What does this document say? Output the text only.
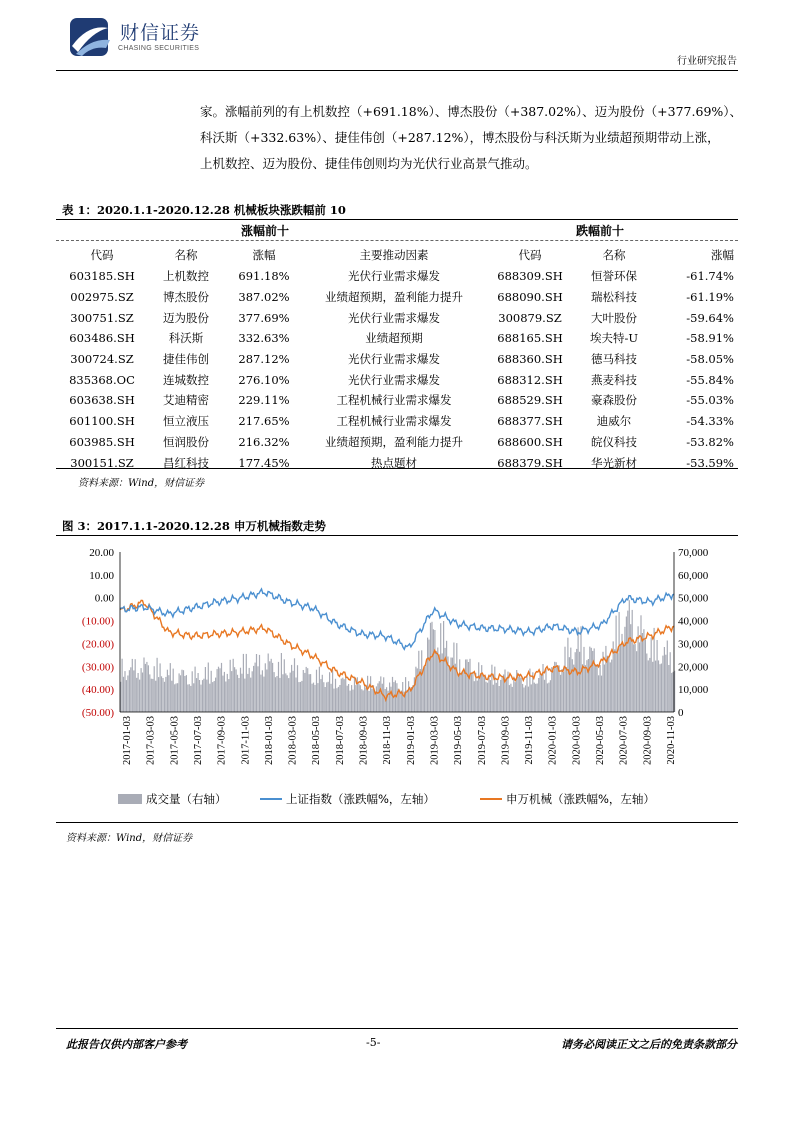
财信证券
CHASING SECURITIES
行业研究报告

家。涨幅前列的有上机数控（+691.18%）、博杰股份（+387.02%）、迈为股份（+377.69%）、

科沃斯（+332.63%）、捷佳伟创（+287.12%），博杰股份与科沃斯为业绩超预期带动上涨，

上机数控、迈为股份、捷佳伟创则均为光伏行业高景气推动。

表 1：2020.1.1-2020.12.28 机械板块涨跌幅前 10
涨幅前十	跌幅前十
代码	名称	涨幅	主要推动因素	代码	名称	涨幅
603185.SH	上机数控	691.18%	光伏行业需求爆发	688309.SH	恒誉环保	-61.74%
002975.SZ	博杰股份	387.02%	业绩超预期，盈利能力提升	688090.SH	瑞松科技	-61.19%
300751.SZ	迈为股份	377.69%	光伏行业需求爆发	300879.SZ	大叶股份	-59.64%
603486.SH	科沃斯	332.63%	业绩超预期	688165.SH	埃夫特-U	-58.91%
300724.SZ	捷佳伟创	287.12%	光伏行业需求爆发	688360.SH	德马科技	-58.05%
835368.OC	连城数控	276.10%	光伏行业需求爆发	688312.SH	燕麦科技	-55.84%
603638.SH	艾迪精密	229.11%	工程机械行业需求爆发	688529.SH	豪森股份	-55.03%
601100.SH	恒立液压	217.65%	工程机械行业需求爆发	688377.SH	迪威尔	-54.33%
603985.SH	恒润股份	216.32%	业绩超预期，盈利能力提升	688600.SH	皖仪科技	-53.82%
300151.SZ	昌红科技	177.45%	热点题材	688379.SH	华光新材	-53.59%
资料来源：Wind，财信证券
图 3：2017.1.1-2020.12.28 申万机械指数走势
20.00
10.00
0.00
(10.00)
(20.00)
(30.00)
(40.00)
(50.00)
70,000
60,000
50,000
40,000
30,000
20,000
10,000
0
2017-01-03 2017-03-03 2017-05-03 2017-07-03 2017-09-03 2017-11-03 2018-01-03 2018-03-03 2018-05-03 2018-07-03 2018-09-03 2018-11-03 2019-01-03 2019-03-03 2019-05-03 2019-07-03 2019-09-03 2019-11-03 2020-01-03 2020-03-03 2020-05-03 2020-07-03 2020-09-03 2020-11-03
成交量（右轴）	上证指数（涨跌幅%，左轴）	申万机械（涨跌幅%，左轴）
资料来源：Wind，财信证券
此报告仅供内部客户参考	-5-	请务必阅读正文之后的免责条款部分
